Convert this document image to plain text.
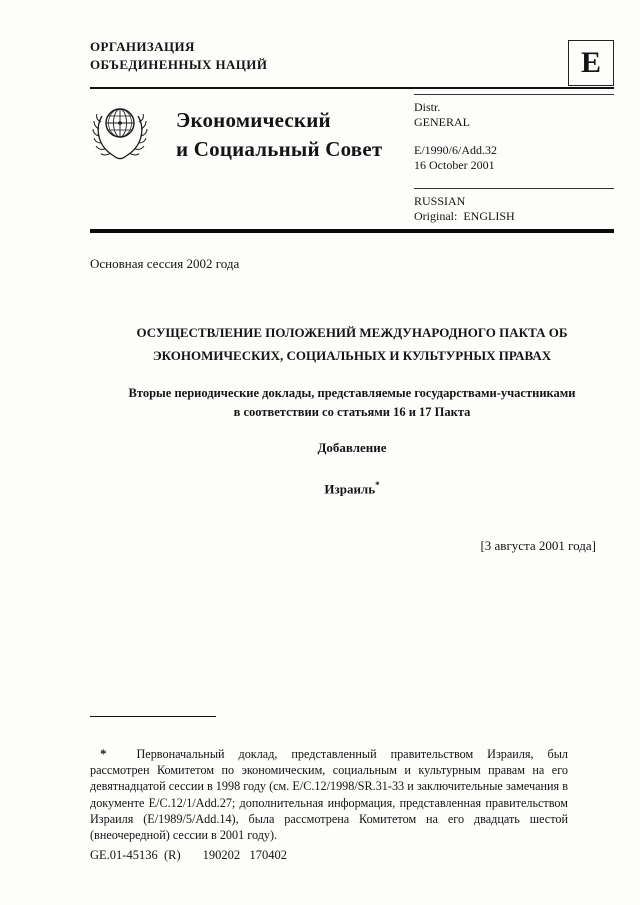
ОРГАНИЗАЦИЯ
ОБЪЕДИНЕННЫХ НАЦИЙ	E
Экономический
и Социальный Совет
Distr.
GENERAL
E/1990/6/Add.32
16 October 2001
RUSSIAN
Original:  ENGLISH
Основная сессия 2002 года
ОСУЩЕСТВЛЕНИЕ ПОЛОЖЕНИЙ МЕЖДУНАРОДНОГО ПАКТА ОБ
ЭКОНОМИЧЕСКИХ, СОЦИАЛЬНЫХ И КУЛЬТУРНЫХ ПРАВАХ
Вторые периодические доклады, представляемые государствами-участниками
в соответствии со статьями 16 и 17 Пакта
Добавление
Израиль*
[3 августа 2001 года]

* Первоначальный доклад, представленный правительством Израиля, был рассмотрен Комитетом по экономическим, социальным и культурным правам на его девятнадцатой сессии в 1998 году (см. E/C.12/1998/SR.31-33 и заключительные замечания в документе E/C.12/1/Add.27; дополнительная информация, представленная правительством Израиля (E/1989/5/Add.14), была рассмотрена Комитетом на его двадцать шестой (внеочередной) сессии в 2001 году).

GE.01-45136  (R) 190202   170402
